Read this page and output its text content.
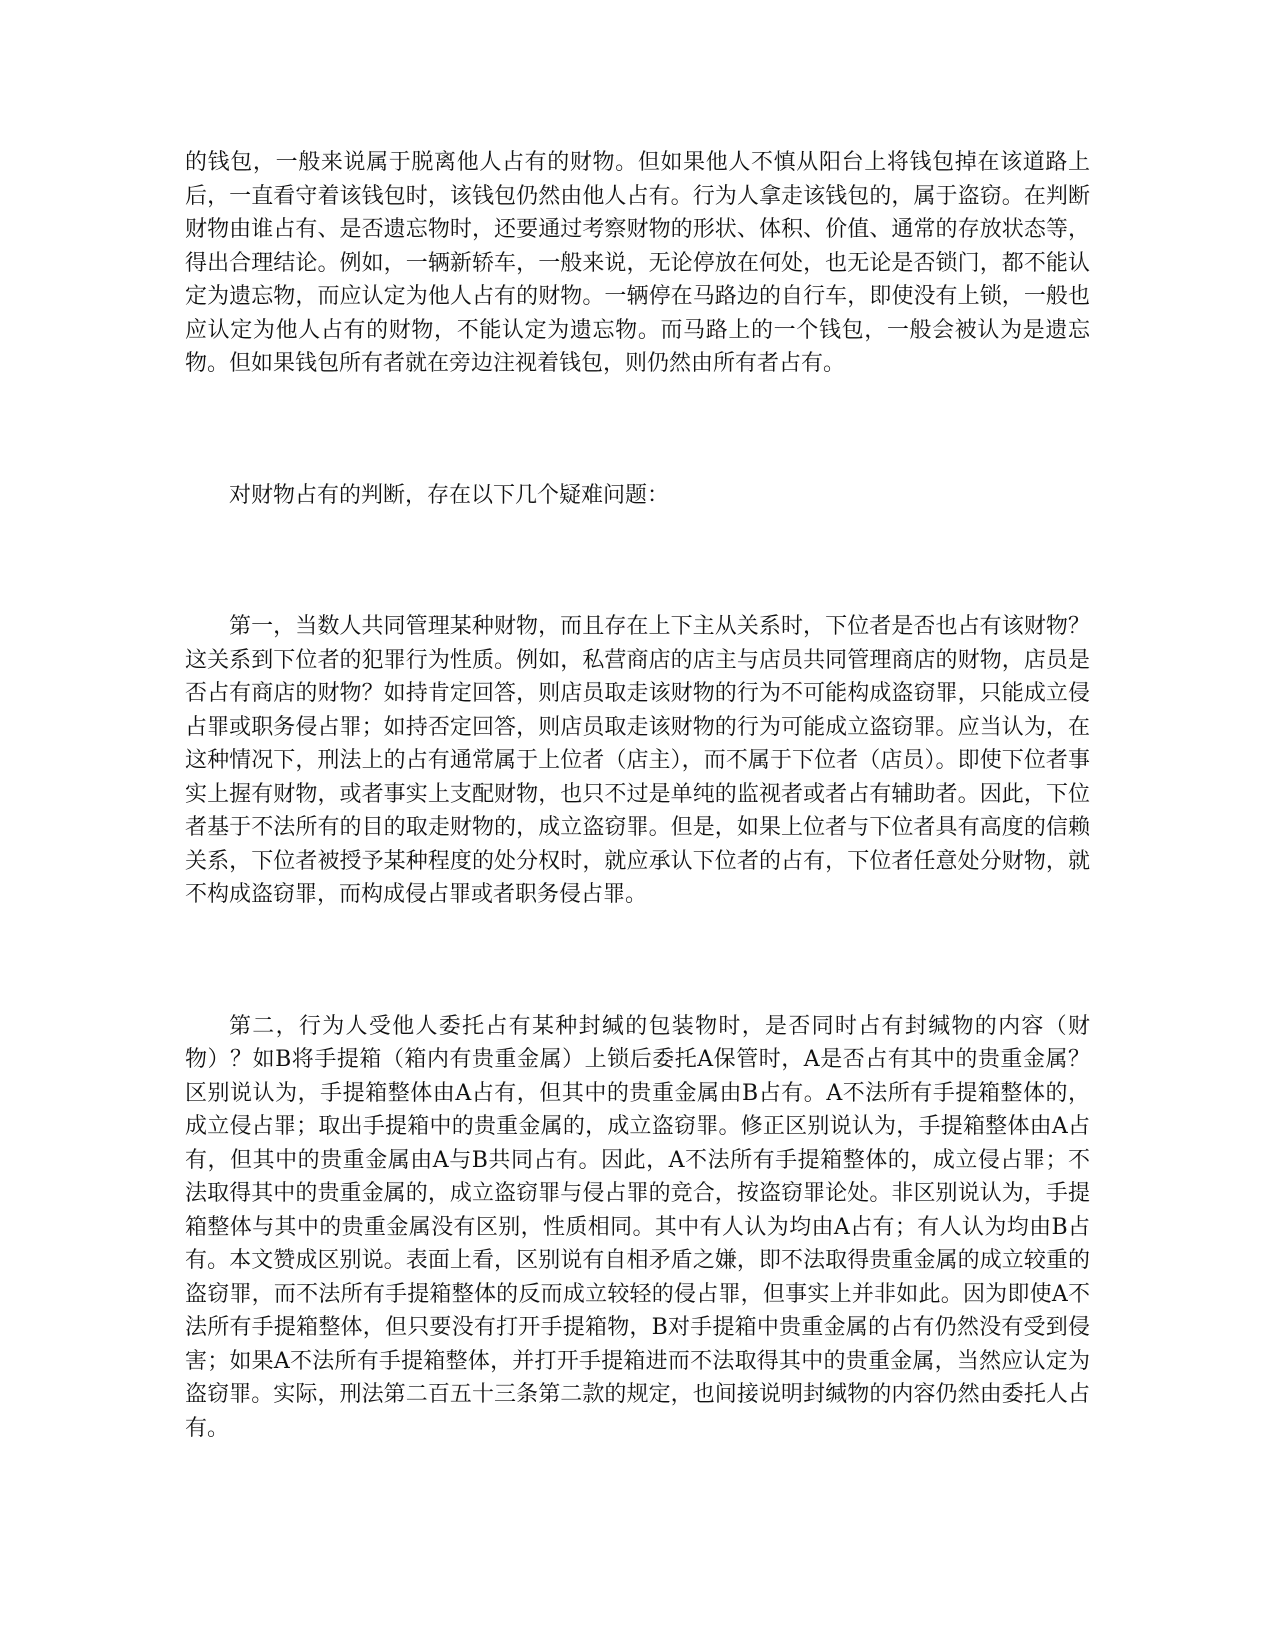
的钱包，一般来说属于脱离他人占有的财物。但如果他人不慎从阳台上将钱包掉在该道路上后，一直看守着该钱包时，该钱包仍然由他人占有。行为人拿走该钱包的，属于盗窃。在判断财物由谁占有、是否遗忘物时，还要通过考察财物的形状、体积、价值、通常的存放状态等，得出合理结论。例如，一辆新轿车，一般来说，无论停放在何处，也无论是否锁门，都不能认定为遗忘物，而应认定为他人占有的财物。一辆停在马路边的自行车，即使没有上锁，一般也应认定为他人占有的财物，不能认定为遗忘物。而马路上的一个钱包，一般会被认为是遗忘物。但如果钱包所有者就在旁边注视着钱包，则仍然由所有者占有。

对财物占有的判断，存在以下几个疑难问题：

第一，当数人共同管理某种财物，而且存在上下主从关系时，下位者是否也占有该财物？这关系到下位者的犯罪行为性质。例如，私营商店的店主与店员共同管理商店的财物，店员是否占有商店的财物？如持肯定回答，则店员取走该财物的行为不可能构成盗窃罪，只能成立侵占罪或职务侵占罪；如持否定回答，则店员取走该财物的行为可能成立盗窃罪。应当认为，在这种情况下，刑法上的占有通常属于上位者（店主），而不属于下位者（店员）。即使下位者事实上握有财物，或者事实上支配财物，也只不过是单纯的监视者或者占有辅助者。因此，下位者基于不法所有的目的取走财物的，成立盗窃罪。但是，如果上位者与下位者具有高度的信赖关系，下位者被授予某种程度的处分权时，就应承认下位者的占有，下位者任意处分财物，就不构成盗窃罪，而构成侵占罪或者职务侵占罪。

第二，行为人受他人委托占有某种封缄的包装物时，是否同时占有封缄物的内容（财物）？如B将手提箱（箱内有贵重金属）上锁后委托A保管时，A是否占有其中的贵重金属？区别说认为，手提箱整体由A占有，但其中的贵重金属由B占有。A不法所有手提箱整体的，成立侵占罪；取出手提箱中的贵重金属的，成立盗窃罪。修正区别说认为，手提箱整体由A占有，但其中的贵重金属由A与B共同占有。因此，A不法所有手提箱整体的，成立侵占罪；不法取得其中的贵重金属的，成立盗窃罪与侵占罪的竞合，按盗窃罪论处。非区别说认为，手提箱整体与其中的贵重金属没有区别，性质相同。其中有人认为均由A占有；有人认为均由B占有。本文赞成区别说。表面上看，区别说有自相矛盾之嫌，即不法取得贵重金属的成立较重的盗窃罪，而不法所有手提箱整体的反而成立较轻的侵占罪，但事实上并非如此。因为即使A不法所有手提箱整体，但只要没有打开手提箱物，B对手提箱中贵重金属的占有仍然没有受到侵害；如果A不法所有手提箱整体，并打开手提箱进而不法取得其中的贵重金属，当然应认定为盗窃罪。实际，刑法第二百五十三条第二款的规定，也间接说明封缄物的内容仍然由委托人占有。
